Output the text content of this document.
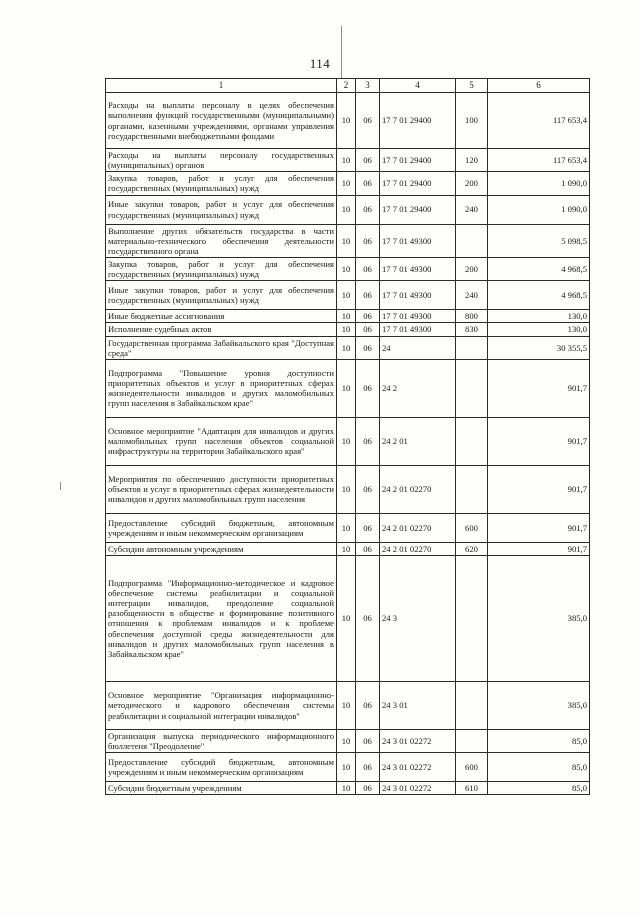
114
1	2	3	4	5	6
Расходы на выплаты персоналу в целях обеспечения выполнения функций государственными (муниципальными) органами, казенными учреждениями, органами управления государственными внебюджетными фондами	10	06	17 7 01 29400	100	117 653,4
Расходы на выплаты персоналу государственных (муниципальных) органов	10	06	17 7 01 29400	120	117 653,4
Закупка товаров, работ и услуг для обеспечения государственных (муниципальных) нужд	10	06	17 7 01 29400	200	1 090,0
Иные закупки товаров, работ и услуг для обеспечения государственных (муниципальных) нужд	10	06	17 7 01 29400	240	1 090,0
Выполнение других обязательств государства в части материально-технического обеспечения деятельности государственного органа	10	06	17 7 01 49300		5 098,5
Закупка товаров, работ и услуг для обеспечения государственных (муниципальных) нужд	10	06	17 7 01 49300	200	4 968,5
Иные закупки товаров, работ и услуг для обеспечения государственных (муниципальных) нужд	10	06	17 7 01 49300	240	4 968,5
Иные бюджетные ассигнования	10	06	17 7 01 49300	800	130,0
Исполнение судебных актов	10	06	17 7 01 49300	830	130,0
Государственная программа Забайкальского края "Доступная среда"	10	06	24		30 355,5
Подпрограмма "Повышение уровня доступности приоритетных объектов и услуг в приоритетных сферах жизнедеятельности инвалидов и других маломобильных групп населения в Забайкальском крае"	10	06	24 2		901,7
Основное мероприятие "Адаптация для инвалидов и других маломобильных групп населения объектов социальной инфраструктуры на территории Забайкальского края"	10	06	24 2 01		901,7
Мероприятия по обеспечению доступности приоритетных объектов и услуг в приоритетных сферах жизнедеятельности инвалидов и других маломобильных групп населения	10	06	24 2 01 02270		901,7
Предоставление субсидий бюджетным, автономным учреждениям и иным некоммерческим организациям	10	06	24 2 01 02270	600	901,7
Субсидии автономным учреждениям	10	06	24 2 01 02270	620	901,7
Подпрограмма "Информационно-методическое и кадровое обеспечение системы реабилитации и социальной интеграции инвалидов, преодоление социальной разобщенности в обществе и формирование позитивного отношения к проблемам инвалидов и к проблеме обеспечения доступной среды жизнедеятельности для инвалидов и других маломобильных групп населения в Забайкальском крае"	10	06	24 3		385,0
Основное мероприятие "Организация информационно-методического и кадрового обеспечения системы реабилитации и социальной интеграции инвалидов"	10	06	24 3 01		385,0
Организация выпуска периодического информационного бюллетеня "Преодоление"	10	06	24 3 01 02272		85,0
Предоставление субсидий бюджетным, автономным учреждениям и иным некоммерческим организациям	10	06	24 3 01 02272	600	85,0
Субсидии бюджетным учреждениям	10	06	24 3 01 02272	610	85,0
